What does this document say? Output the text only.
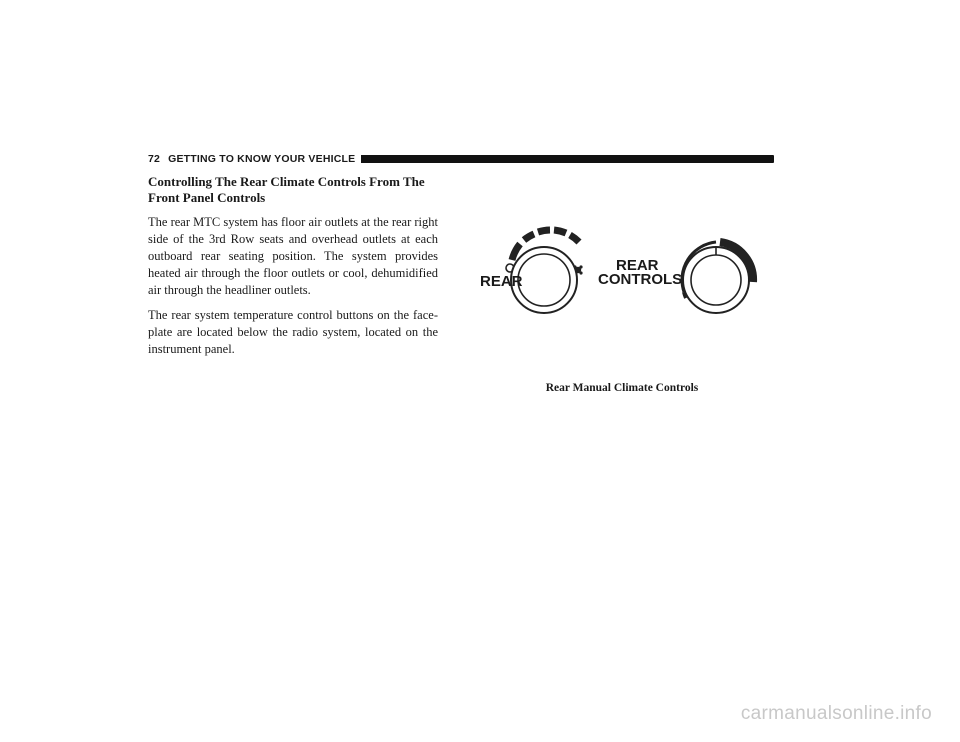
72 GETTING TO KNOW YOUR VEHICLE
Controlling The Rear Climate Controls From The Front Panel Controls

The rear MTC system has floor air outlets at the rear right side of the 3rd Row seats and overhead outlets at each outboard rear seating position. The system provides heated air through the floor outlets or cool, dehumidified air through the headliner outlets.

The rear system temperature control buttons on the face-plate are located below the radio system, located on the instrument panel.

REAR
REAR
CONTROLS
Rear Manual Climate Controls
carmanualsonline.info
